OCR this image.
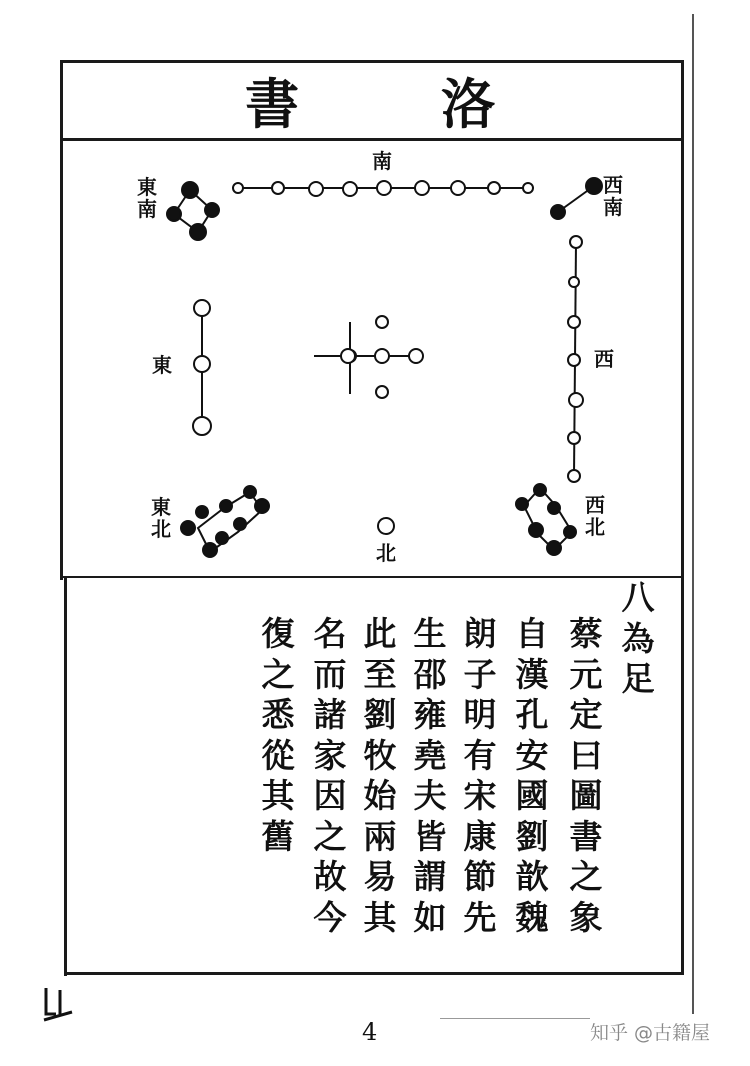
書	洛
南
東南
西南
東	西
東北
北
西北
八為足
蔡元定曰圖書之象
自漢孔安國劉歆魏
朗子明有宋康節先
生邵雍堯夫皆謂如
此至劉牧始兩易其
名而諸家因之故今
復之悉從其舊
4	知乎 @古籍屋
